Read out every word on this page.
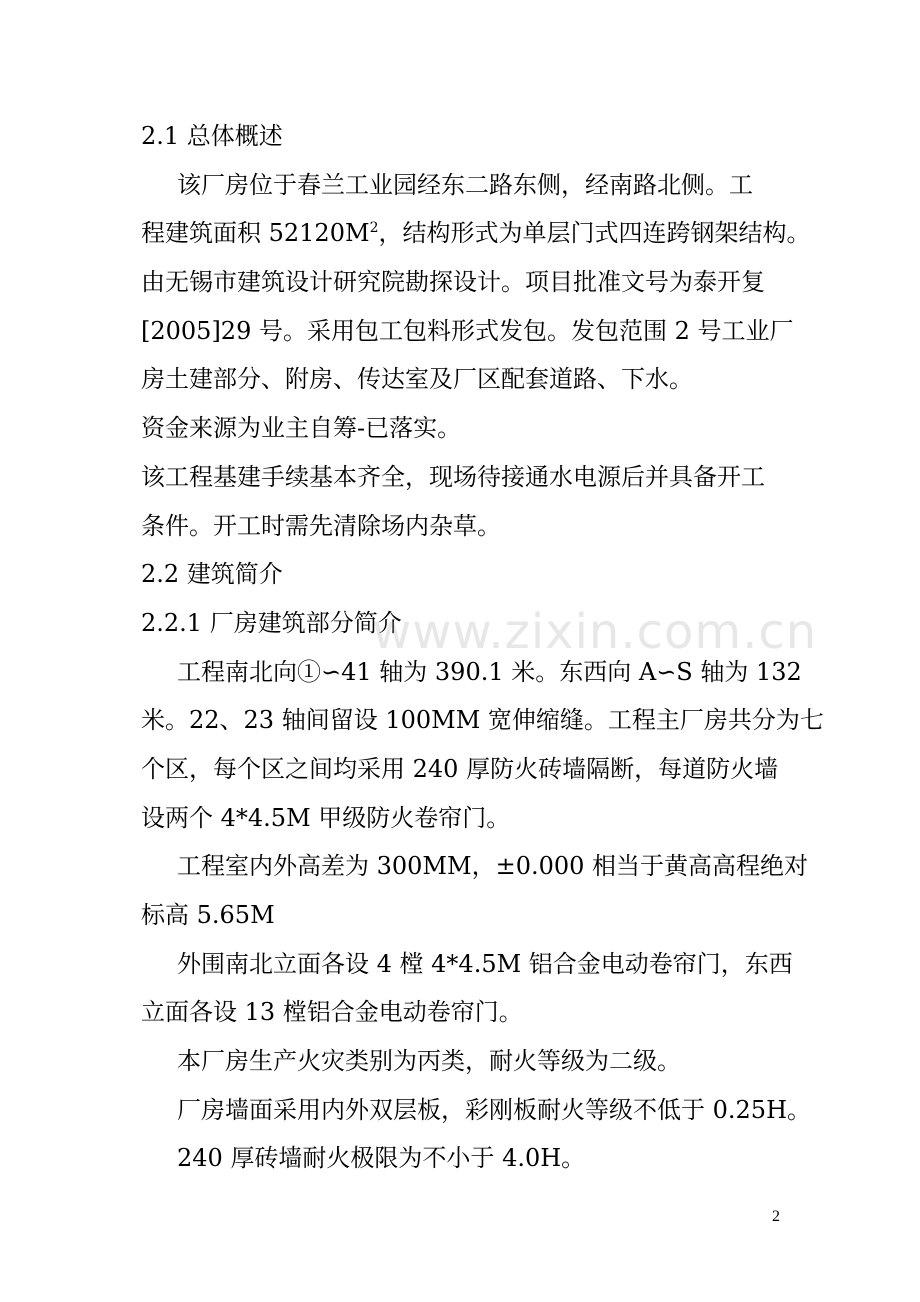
2.1 总体概述
该厂房位于春兰工业园经东二路东侧，经南路北侧。工
程建筑面积 $52120M^2$，结构形式为单层门式四连跨钢架结构。
由无锡市建筑设计研究院勘探设计。项目批准文号为泰开复
[2005]29 号。采用包工包料形式发包。发包范围 2 号工业厂
房土建部分、附房、传达室及厂区配套道路、下水。
资金来源为业主自筹-已落实。
该工程基建手续基本齐全，现场待接通水电源后并具备开工
条件。开工时需先清除场内杂草。
2.2 建筑简介
2.2.1 厂房建筑部分简介
工程南北向①∽41 轴为 390.1 米。东西向 A∽S 轴为 132
米。22、23 轴间留设 100MM 宽伸缩缝。工程主厂房共分为七
个区，每个区之间均采用 240 厚防火砖墙隔断，每道防火墙
设两个 4*4.5M 甲级防火卷帘门。
工程室内外高差为 300MM，±0.000 相当于黄高高程绝对
标高 5.65M
外围南北立面各设 4 樘 4*4.5M 铝合金电动卷帘门，东西
立面各设 13 樘铝合金电动卷帘门。
本厂房生产火灾类别为丙类，耐火等级为二级。
厂房墙面采用内外双层板，彩刚板耐火等级不低于 0.25H。
240 厚砖墙耐火极限为不小于 4.0H。
www.zixin.com.cn
2
